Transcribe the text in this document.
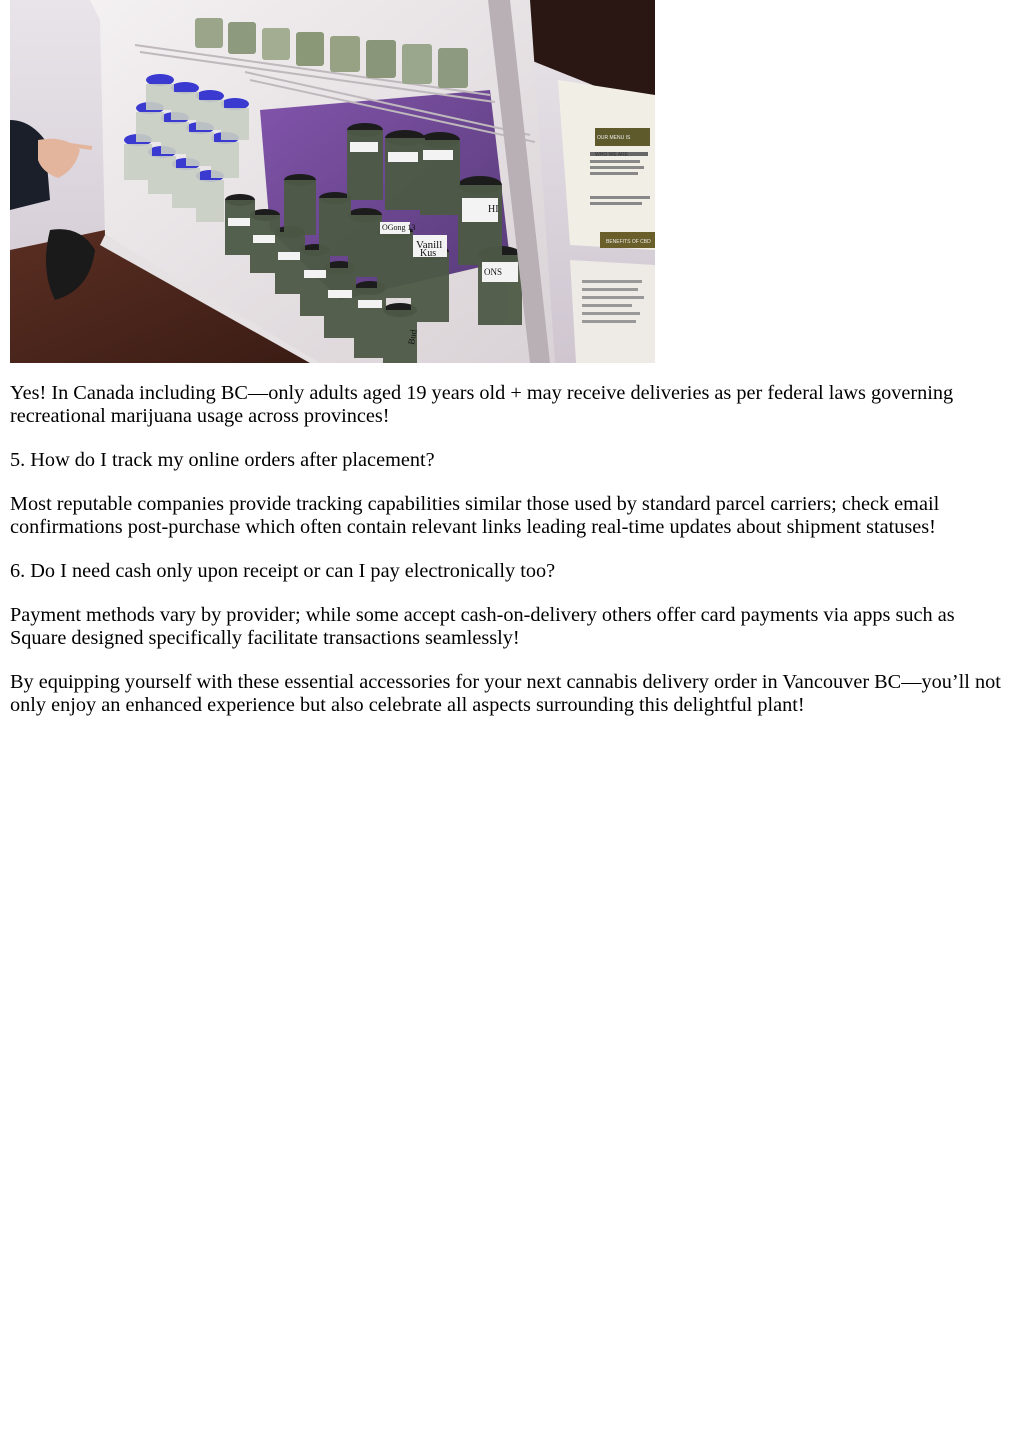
Vanill
Kus
HI
ONS
OGong 13
Bud
WHO WE ARE
OUR MENU IS
BENEFITS OF CBD

Yes! In Canada including BC—only adults aged 19 years old + may receive deliveries as per federal laws governing recreational marijuana usage across provinces!

5. How do I track my online orders after placement?

Most reputable companies provide tracking capabilities similar those used by standard parcel carriers; check email confirmations post-purchase which often contain relevant links leading real-time updates about shipment statuses!

6. Do I need cash only upon receipt or can I pay electronically too?

Payment methods vary by provider; while some accept cash-on-delivery others offer card payments via apps such as Square designed specifically facilitate transactions seamlessly!

By equipping yourself with these essential accessories for your next cannabis delivery order in Vancouver BC—you’ll not only enjoy an enhanced experience but also celebrate all aspects surrounding this delightful plant!
